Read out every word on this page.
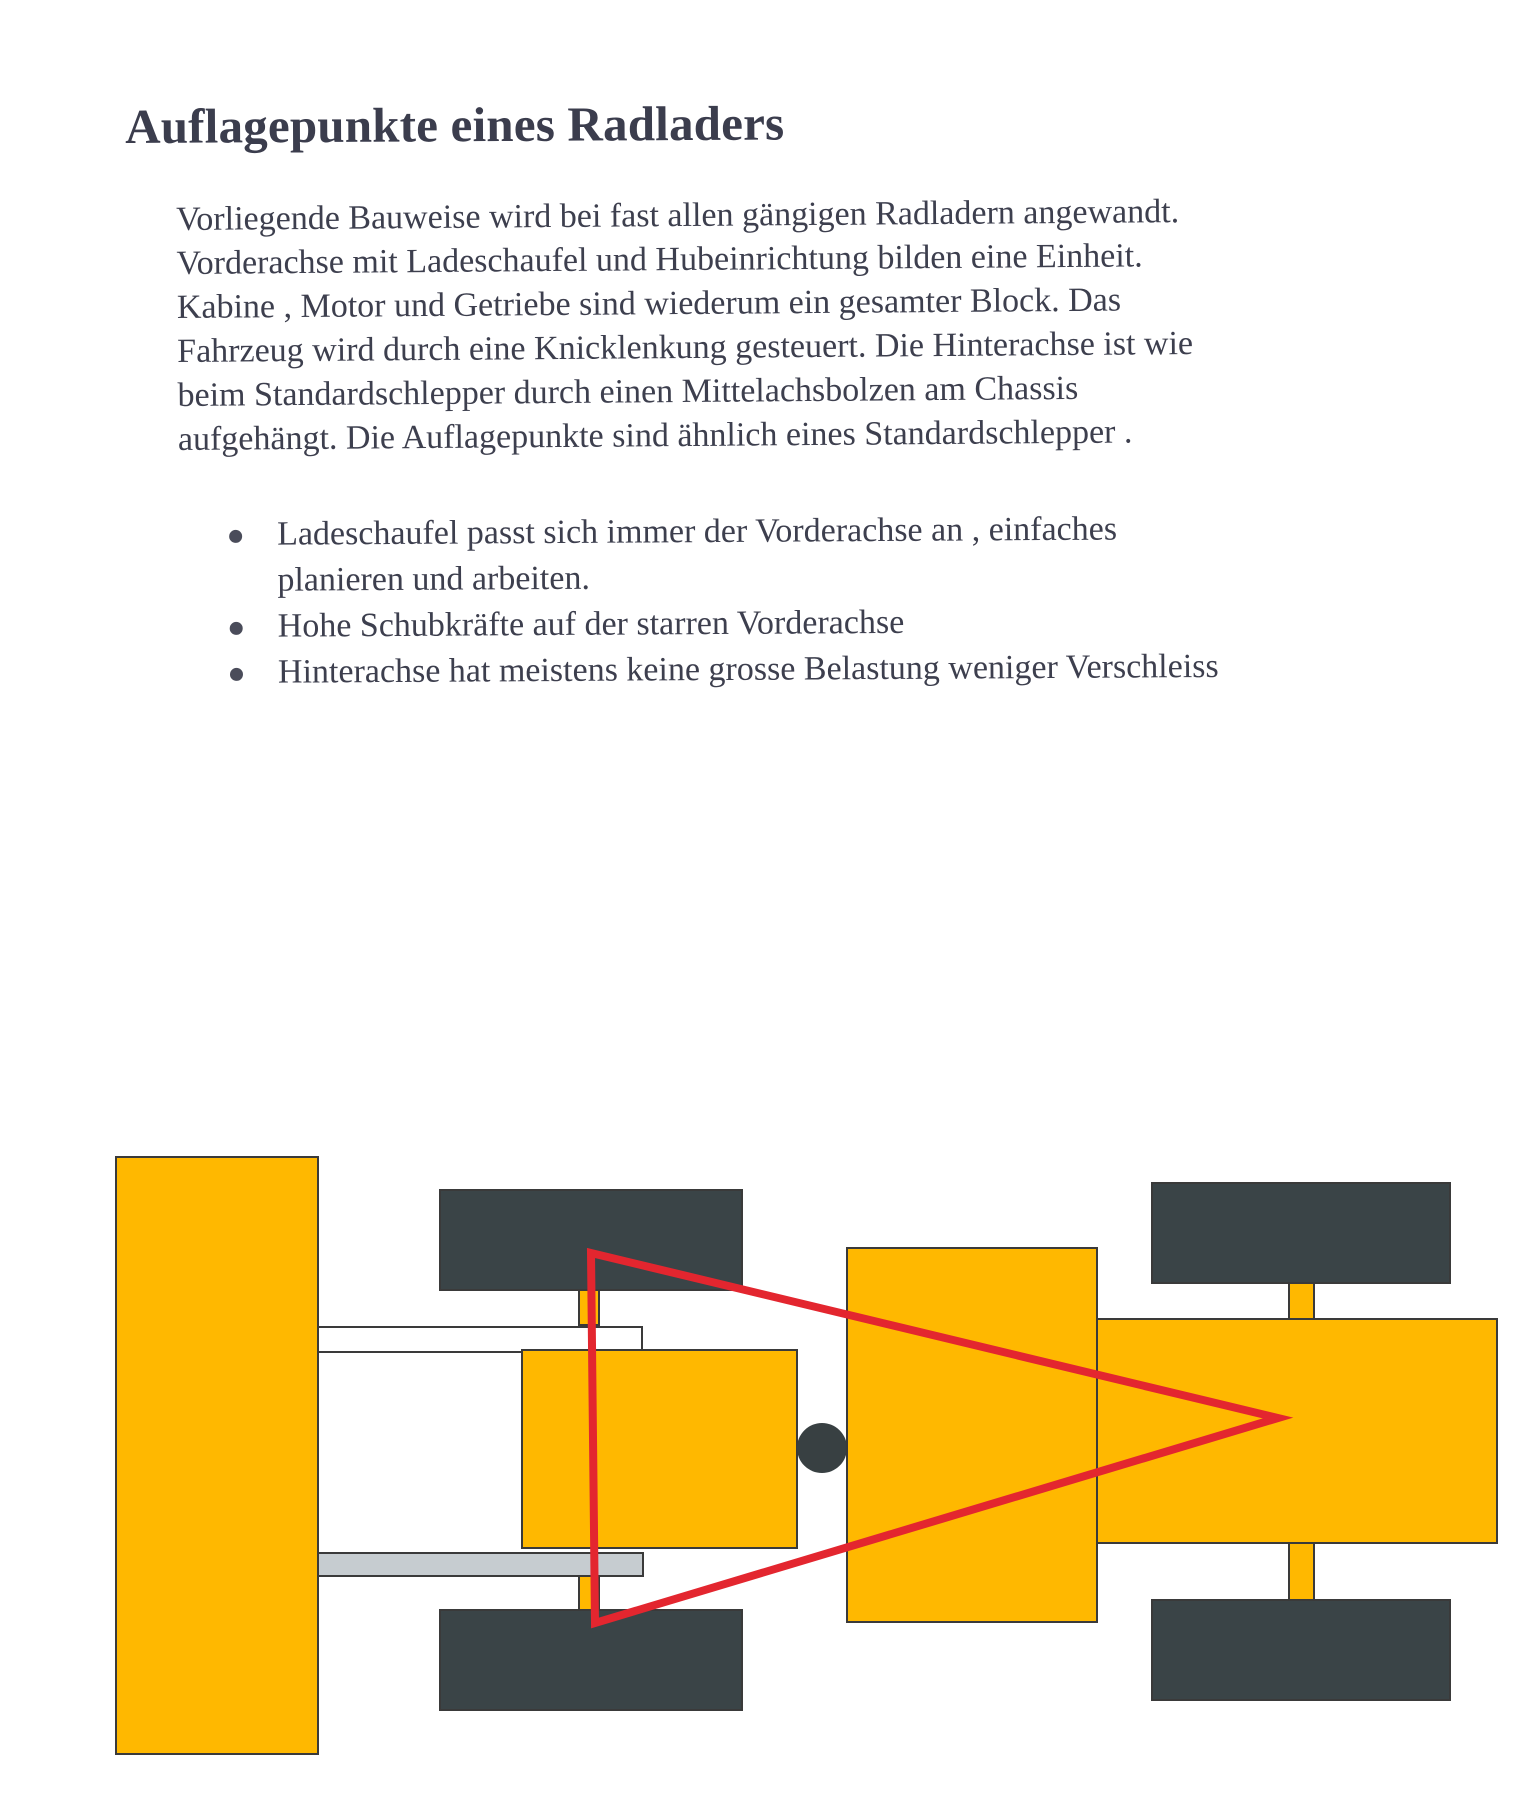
Auflagepunkte eines Radladers
Vorliegende Bauweise wird bei fast allen gängigen Radladern angewandt.
Vorderachse mit Ladeschaufel und Hubeinrichtung bilden eine Einheit.
Kabine , Motor und Getriebe sind wiederum ein gesamter Block. Das
Fahrzeug wird durch eine Knicklenkung gesteuert. Die Hinterachse ist wie
beim Standardschlepper durch einen Mittelachsbolzen am Chassis
aufgehängt. Die Auflagepunkte sind ähnlich eines Standardschlepper .
Ladeschaufel passt sich immer der Vorderachse an , einfaches
planieren und arbeiten.
Hohe Schubkräfte auf der starren Vorderachse
Hinterachse hat meistens keine grosse Belastung weniger Verschleiss
